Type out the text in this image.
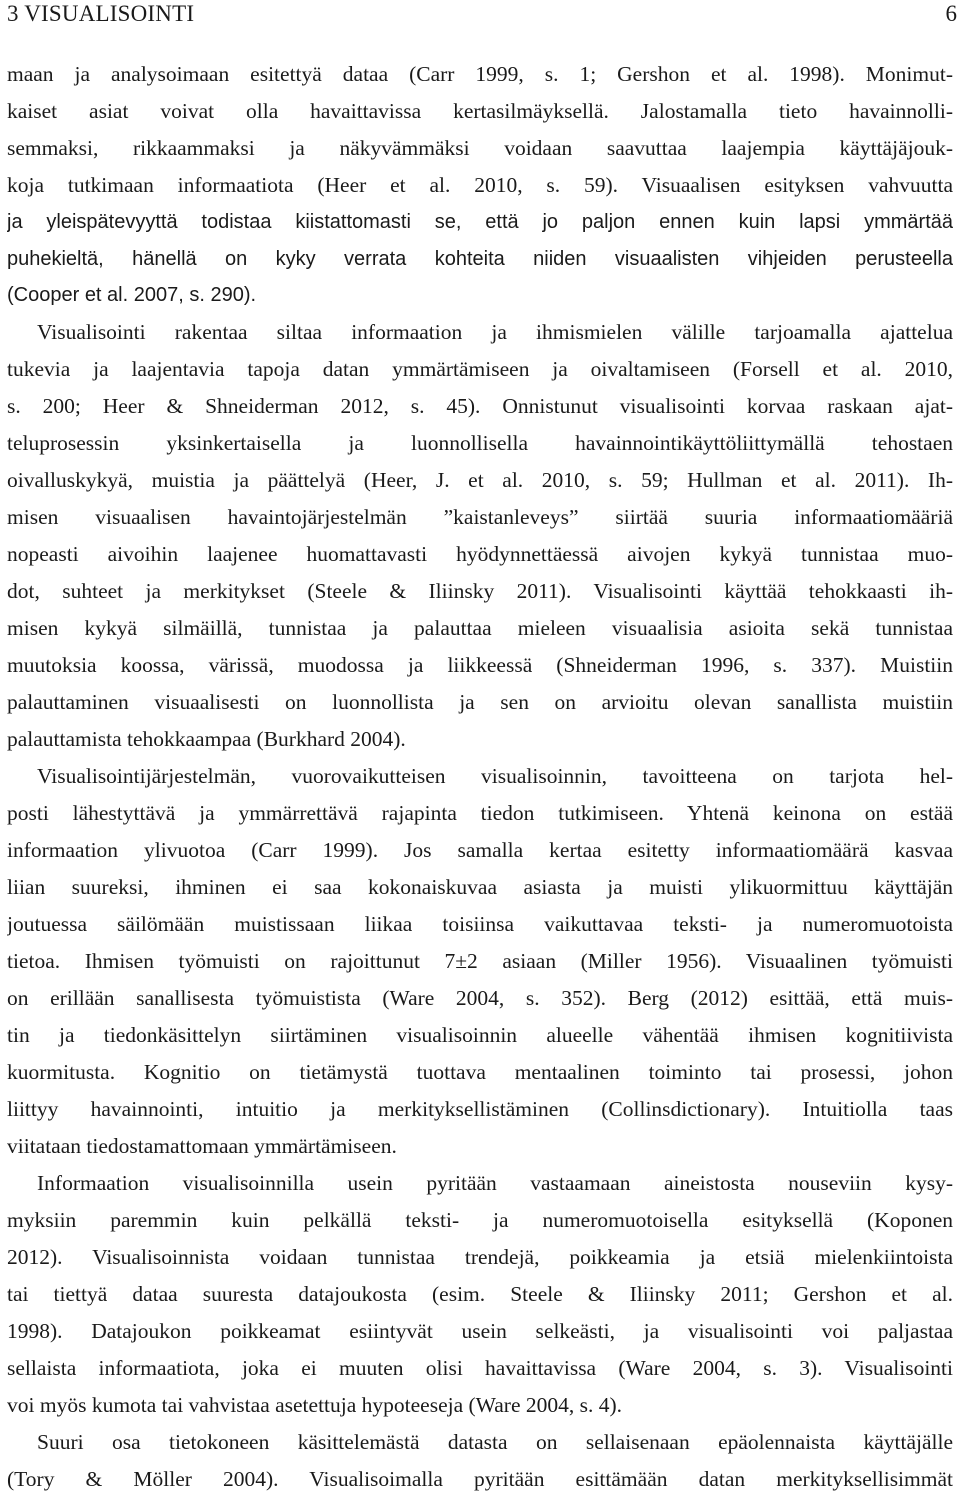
3 VISUALISOINTI	6
maan ja analysoimaan esitettyä dataa (Carr 1999, s. 1; Gershon et al. 1998). Monimut-
kaiset asiat voivat olla havaittavissa kertasilmäyksellä. Jalostamalla tieto havainnolli-
semmaksi, rikkaammaksi ja näkyvämmäksi voidaan saavuttaa laajempia käyttäjäjouk-
koja tutkimaan informaatiota (Heer et al. 2010, s. 59). Visuaalisen esityksen vahvuutta
ja yleispätevyyttä todistaa kiistattomasti se, että jo paljon ennen kuin lapsi ymmärtää
puhekieltä, hänellä on kyky verrata kohteita niiden visuaalisten vihjeiden perusteella
(Cooper et al. 2007, s. 290).
Visualisointi rakentaa siltaa informaation ja ihmismielen välille tarjoamalla ajattelua
tukevia ja laajentavia tapoja datan ymmärtämiseen ja oivaltamiseen (Forsell et al. 2010,
s. 200; Heer & Shneiderman 2012, s. 45). Onnistunut visualisointi korvaa raskaan ajat-
teluprosessin yksinkertaisella ja luonnollisella havainnointikäyttöliittymällä tehostaen
oivalluskykyä, muistia ja päättelyä (Heer, J. et al. 2010, s. 59; Hullman et al. 2011). Ih-
misen visuaalisen havaintojärjestelmän ”kaistanleveys” siirtää suuria informaatiomääriä
nopeasti aivoihin laajenee huomattavasti hyödynnettäessä aivojen kykyä tunnistaa muo-
dot, suhteet ja merkitykset (Steele & Iliinsky 2011). Visualisointi käyttää tehokkaasti ih-
misen kykyä silmäillä, tunnistaa ja palauttaa mieleen visuaalisia asioita sekä tunnistaa
muutoksia koossa, värissä, muodossa ja liikkeessä (Shneiderman 1996, s. 337). Muistiin
palauttaminen visuaalisesti on luonnollista ja sen on arvioitu olevan sanallista muistiin
palauttamista tehokkaampaa (Burkhard 2004).
Visualisointijärjestelmän, vuorovaikutteisen visualisoinnin, tavoitteena on tarjota hel-
posti lähestyttävä ja ymmärrettävä rajapinta tiedon tutkimiseen. Yhtenä keinona on estää
informaation ylivuotoa (Carr 1999). Jos samalla kertaa esitetty informaatiomäärä kasvaa
liian suureksi, ihminen ei saa kokonaiskuvaa asiasta ja muisti ylikuormittuu käyttäjän
joutuessa säilömään muistissaan liikaa toisiinsa vaikuttavaa teksti- ja numeromuotoista
tietoa. Ihmisen työmuisti on rajoittunut 7±2 asiaan (Miller 1956). Visuaalinen työmuisti
on erillään sanallisesta työmuistista (Ware 2004, s. 352). Berg (2012) esittää, että muis-
tin ja tiedonkäsittelyn siirtäminen visualisoinnin alueelle vähentää ihmisen kognitiivista
kuormitusta. Kognitio on tietämystä tuottava mentaalinen toiminto tai prosessi, johon
liittyy havainnointi, intuitio ja merkityksellistäminen (Collinsdictionary). Intuitiolla taas
viitataan tiedostamattomaan ymmärtämiseen.
Informaation visualisoinnilla usein pyritään vastaamaan aineistosta nouseviin kysy-
myksiin paremmin kuin pelkällä teksti- ja numeromuotoisella esityksellä (Koponen
2012). Visualisoinnista voidaan tunnistaa trendejä, poikkeamia ja etsiä mielenkiintoista
tai tiettyä dataa suuresta datajoukosta (esim. Steele & Iliinsky 2011; Gershon et al.
1998). Datajoukon poikkeamat esiintyvät usein selkeästi, ja visualisointi voi paljastaa
sellaista informaatiota, joka ei muuten olisi havaittavissa (Ware 2004, s. 3). Visualisointi
voi myös kumota tai vahvistaa asetettuja hypoteeseja (Ware 2004, s. 4).
Suuri osa tietokoneen käsittelemästä datasta on sellaisenaan epäolennaista käyttäjälle
(Tory & Möller 2004). Visualisoimalla pyritään esittämään datan merkityksellisimmät
